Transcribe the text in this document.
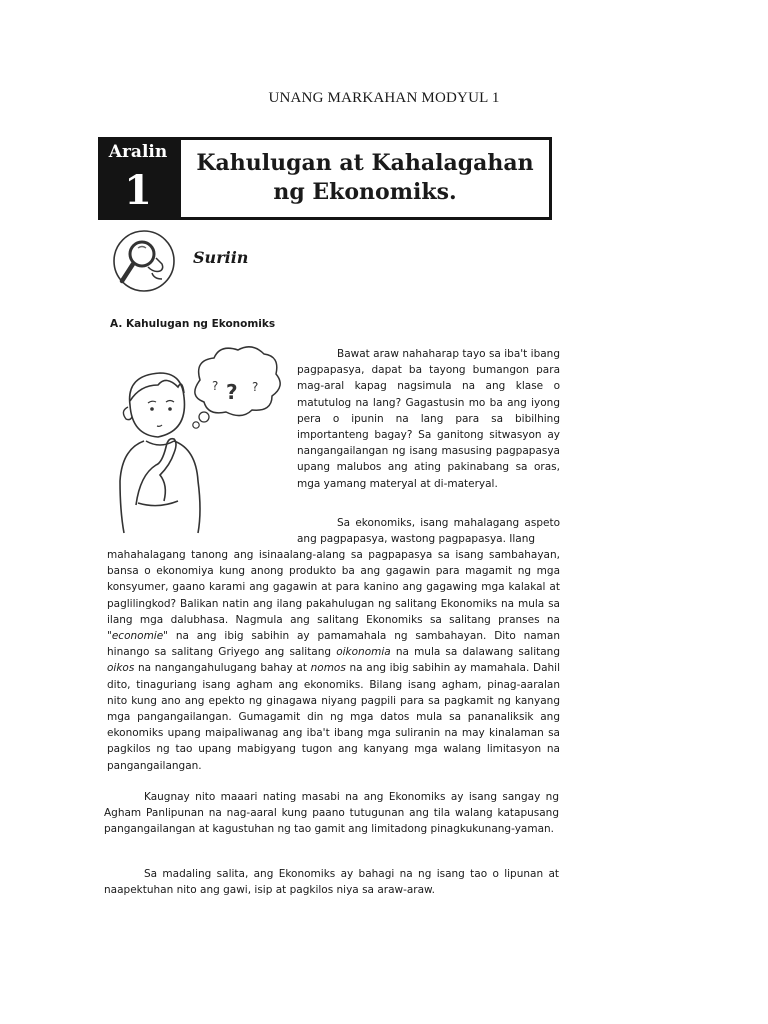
UNANG MARKAHAN MODYUL 1
Aralin
1
Kahulugan at Kahalagahan
ng Ekonomiks.
Suriin
A. Kahulugan ng Ekonomiks
? ? ?

Bawat araw nahaharap tayo sa iba't ibang pagpapasya, dapat ba tayong bumangon para mag-aral kapag nagsimula na ang klase o matutulog na lang? Gagastusin mo ba ang iyong pera o ipunin na lang para sa bibilhing importanteng bagay? Sa ganitong sitwasyon ay nangangailangan ng isang masusing pagpapasya upang malubos ang ating pakinabang sa oras, mga yamang materyal at di-materyal.

Sa ekonomiks, isang mahalagang aspeto ang pagpapasya, wastong pagpapasya. Ilang

mahahalagang tanong ang isinaalang-alang sa pagpapasya sa isang sambahayan, bansa o ekonomiya kung anong produkto ba ang gagawin para magamit ng mga konsyumer, gaano karami ang gagawin at para kanino ang gagawing mga kalakal at paglilingkod? Balikan natin ang ilang pakahulugan ng salitang Ekonomiks na mula sa ilang mga dalubhasa. Nagmula ang salitang Ekonomiks sa salitang pranses na "economie" na ang ibig sabihin ay pamamahala ng sambahayan. Dito naman hinango sa salitang Griyego ang salitang oikonomia na mula sa dalawang salitang oikos na nangangahulugang bahay at nomos na ang ibig sabihin ay mamahala. Dahil dito, tinaguriang isang agham ang ekonomiks. Bilang isang agham, pinag-aaralan nito kung ano ang epekto ng ginagawa niyang pagpili para sa pagkamit ng kanyang mga pangangailangan. Gumagamit din ng mga datos mula sa pananaliksik ang ekonomiks upang maipaliwanag ang iba't ibang mga suliranin na may kinalaman sa pagkilos ng tao upang mabigyang tugon ang kanyang mga walang limitasyon na pangangailangan.

Kaugnay nito maaari nating masabi na ang Ekonomiks ay isang sangay ng Agham Panlipunan na nag-aaral kung paano tutugunan ang tila walang katapusang pangangailangan at kagustuhan ng tao gamit ang limitadong pinagkukunang-yaman.

Sa madaling salita, ang Ekonomiks ay bahagi na ng isang tao o lipunan at naapektuhan nito ang gawi, isip at pagkilos niya sa araw-araw.
